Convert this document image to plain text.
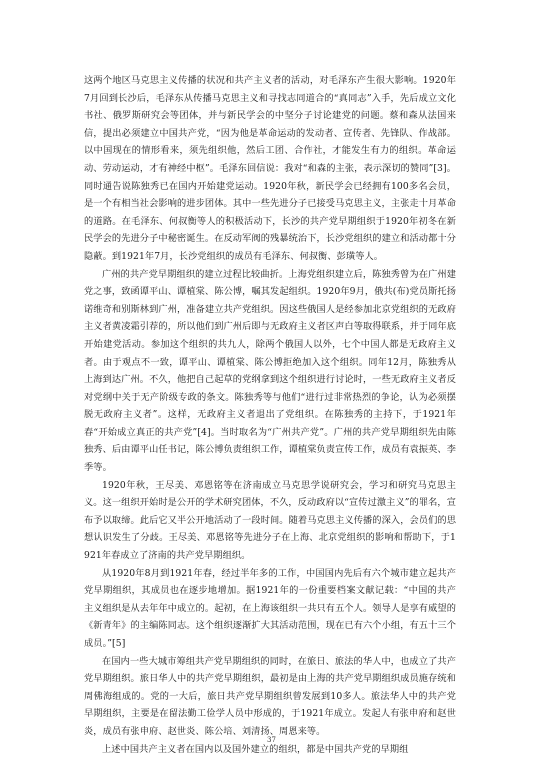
这两个地区马克思主义传播的状况和共产主义者的活动，对毛泽东产生很大影响。1920年7月回到长沙后，毛泽东从传播马克思主义和寻找志同道合的“真同志”入手，先后成立文化书社、俄罗斯研究会等团体，并与新民学会的中坚分子讨论建党的问题。蔡和森从法国来信，提出必须建立中国共产党，“因为他是革命运动的发动者、宣传者、先锋队、作战部。以中国现在的情形看来，须先组织他，然后工团、合作社，才能发生有力的组织。革命运动、劳动运动，才有神经中枢”。毛泽东回信说：我对“和森的主张，表示深切的赞同”[3]。同时通告说陈独秀已在国内开始建党运动。1920年秋，新民学会已经拥有100多名会员，是一个有相当社会影响的进步团体。其中一些先进分子已接受马克思主义，主张走十月革命的道路。在毛泽东、何叔衡等人的积极活动下，长沙的共产党早期组织于1920年初冬在新民学会的先进分子中秘密诞生。在反动军阀的残暴统治下，长沙党组织的建立和活动都十分隐蔽。到1921年7月，长沙党组织的成员有毛泽东、何叔衡、彭璜等人。

广州的共产党早期组织的建立过程比较曲折。上海党组织建立后，陈独秀曾为在广州建党之事，致函谭平山、谭植棠、陈公博，嘱其发起组织。1920年9月，俄共(布)党员斯托扬诺维奇和别斯林到广州，准备建立共产党组织。因这些俄国人是经参加北京党组织的无政府主义者黄凌霜引荐的，所以他们到广州后即与无政府主义者区声白等取得联系，并于同年底开始建党活动。参加这个组织的共九人，除两个俄国人以外，七个中国人都是无政府主义者。由于观点不一致，谭平山、谭植棠、陈公博拒绝加入这个组织。同年12月，陈独秀从上海到达广州。不久，他把自己起草的党纲拿到这个组织进行讨论时，一些无政府主义者反对党纲中关于无产阶级专政的条文。陈独秀等与他们“进行过非常热烈的争论，认为必须摆脱无政府主义者”。这样，无政府主义者退出了党组织。在陈独秀的主持下，于1921年春“开始成立真正的共产党”[4]。当时取名为“广州共产党”。广州的共产党早期组织先由陈独秀、后由谭平山任书记，陈公博负责组织工作，谭植棠负责宣传工作，成员有袁振英、李季等。

1920年秋，王尽美、邓恩铭等在济南成立马克思学说研究会，学习和研究马克思主义。这一组织开始时是公开的学术研究团体，不久，反动政府以“宣传过激主义”的罪名，宣布予以取缔。此后它又半公开地活动了一段时间。随着马克思主义传播的深入，会员们的思想认识发生了分歧。王尽美、邓恩铭等先进分子在上海、北京党组织的影响和帮助下，于1921年春成立了济南的共产党早期组织。

从1920年8月到1921年春，经过半年多的工作，中国国内先后有六个城市建立起共产党早期组织，其成员也在逐步地增加。据1921年的一份重要档案文献记载：“中国的共产主义组织是从去年年中成立的。起初，在上海该组织一共只有五个人。领导人是享有威望的《新青年》的主编陈同志。这个组织逐渐扩大其活动范围，现在已有六个小组，有五十三个成员。”[5]

在国内一些大城市筹组共产党早期组织的同时，在旅日、旅法的华人中，也成立了共产党早期组织。旅日华人中的共产党早期组织，最初是由上海的共产党早期组织成员施存统和周佛海组成的。党的一大后，旅日共产党早期组织曾发展到10多人。旅法华人中的共产党早期组织，主要是在留法勤工俭学人员中形成的，于1921年成立。发起人有张申府和赵世炎，成员有张申府、赵世炎、陈公培、刘清扬、周恩来等。

上述中国共产主义者在国内以及国外建立的组织，都是中国共产党的早期组

37
